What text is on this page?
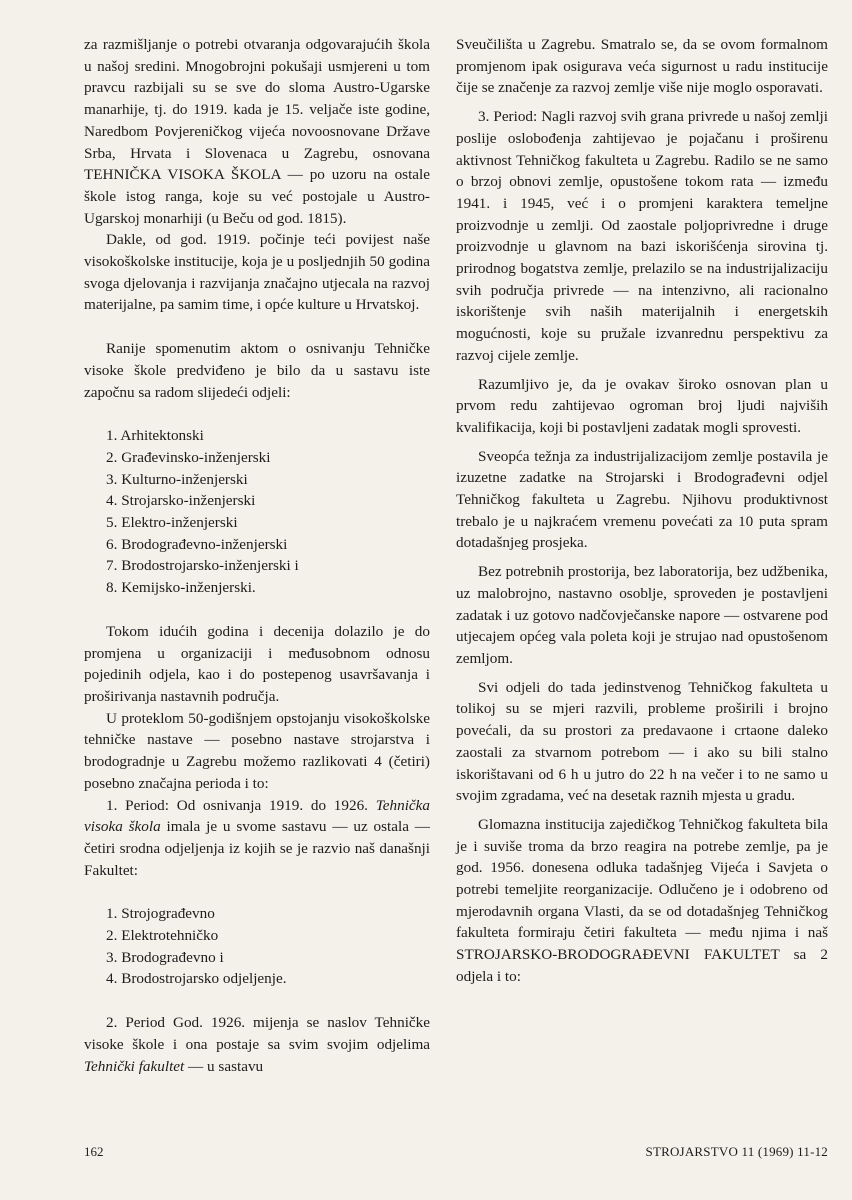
za razmišljanje o potrebi otvaranja odgovarajućih škola u našoj sredini. Mnogobrojni pokušaji usmjereni u tom pravcu razbijali su se sve do sloma Austro-Ugarske manarhije, tj. do 1919. kada je 15. veljače iste godine, Naredbom Povjereničkog vijeća novoosnovane Države Srba, Hrvata i Slovenaca u Zagrebu, osnovana TEHNIČKA VISOKA ŠKOLA — po uzoru na ostale škole istog ranga, koje su već postojale u Austro-Ugarskoj monarhiji (u Beču od god. 1815).

Dakle, od god. 1919. počinje teći povijest naše visokoškolske institucije, koja je u posljednjih 50 godina svoga djelovanja i razvijanja značajno utjecala na razvoj materijalne, pa samim time, i opće kulture u Hrvatskoj.

Ranije spomenutim aktom o osnivanju Tehničke visoke škole predviđeno je bilo da u sastavu iste započnu sa radom slijedeći odjeli:

1. Arhitektonski
2. Građevinsko-inženjerski
3. Kulturno-inženjerski
4. Strojarsko-inženjerski
5. Elektro-inženjerski
6. Brodograđevno-inženjerski
7. Brodostrojarsko-inženjerski i
8. Kemijsko-inženjerski.

Tokom idućih godina i decenija dolazilo je do promjena u organizaciji i međusobnom odnosu pojedinih odjela, kao i do postepenog usavršavanja i proširivanja nastavnih područja.

U proteklom 50-godišnjem opstojanju visokoškolske tehničke nastave — posebno nastave strojarstva i brodogradnje u Zagrebu možemo razlikovati 4 (četiri) posebno značajna perioda i to:

1. Period: Od osnivanja 1919. do 1926. Tehnička visoka škola imala je u svome sastavu — uz ostala — četiri srodna odjeljenja iz kojih se je razvio naš današnji Fakultet:

1. Strojograđevno
2. Elektrotehničko
3. Brodograđevno i
4. Brodostrojarsko odjeljenje.

2. Period God. 1926. mijenja se naslov Tehničke visoke škole i ona postaje sa svim svojim odjelima Tehnički fakultet — u sastavu

Sveučilišta u Zagrebu. Smatralo se, da se ovom formalnom promjenom ipak osigurava veća sigurnost u radu institucije čije se značenje za razvoj zemlje više nije moglo osporavati.

3. Period: Nagli razvoj svih grana privrede u našoj zemlji poslije oslobođenja zahtijevao je pojačanu i proširenu aktivnost Tehničkog fakulteta u Zagrebu. Radilo se ne samo o brzoj obnovi zemlje, opustošene tokom rata — između 1941. i 1945, već i o promjeni karaktera temeljne proizvodnje u zemlji. Od zaostale poljoprivredne i druge proizvodnje u glavnom na bazi iskorišćenja sirovina tj. prirodnog bogatstva zemlje, prelazilo se na industrijalizaciju svih područja privrede — na intenzivno, ali racionalno iskorištenje svih naših materijalnih i energetskih mogućnosti, koje su pružale izvanrednu perspektivu za razvoj cijele zemlje.

Razumljivo je, da je ovakav široko osnovan plan u prvom redu zahtijevao ogroman broj ljudi najviših kvalifikacija, koji bi postavljeni zadatak mogli sprovesti.

Sveopća težnja za industrijalizacijom zemlje postavila je izuzetne zadatke na Strojarski i Brodograđevni odjel Tehničkog fakulteta u Zagrebu. Njihovu produktivnost trebalo je u najkraćem vremenu povećati za 10 puta spram dotadašnjeg prosjeka.

Bez potrebnih prostorija, bez laboratorija, bez udžbenika, uz malobrojno, nastavno osoblje, sproveden je postavljeni zadatak i uz gotovo nadčovječanske napore — ostvarene pod utjecajem općeg vala poleta koji je strujao nad opustošenom zemljom.

Svi odjeli do tada jedinstvenog Tehničkog fakulteta u tolikoj su se mjeri razvili, probleme proširili i brojno povećali, da su prostori za predavaone i crtaone daleko zaostali za stvarnom potrebom — i ako su bili stalno iskorištavani od 6 h u jutro do 22 h na večer i to ne samo u svojim zgradama, već na desetak raznih mjesta u gradu.

Glomazna institucija zajedičkog Tehničkog fakulteta bila je i suviše troma da brzo reagira na potrebe zemlje, pa je god. 1956. donesena odluka tadašnjeg Vijeća i Savjeta o potrebi temeljite reorganizacije. Odlučeno je i odobreno od mjerodavnih organa Vlasti, da se od dotadašnjeg Tehničkog fakulteta formiraju četiri fakulteta — među njima i naš STROJARSKO-BRODOGRAĐEVNI FAKULTET sa 2 odjela i to:

162	STROJARSTVO 11 (1969) 11-12
